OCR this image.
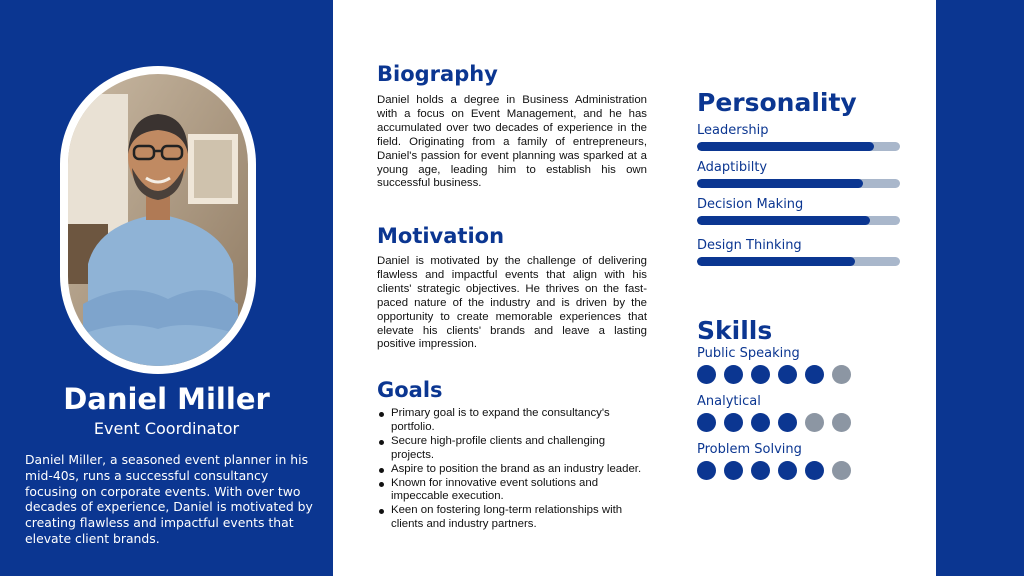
Daniel Miller
Event Coordinator
Daniel Miller, a seasoned event planner in his mid-40s, runs a successful consultancy focusing on corporate events. With over two decades of experience, Daniel is motivated by creating flawless and impactful events that elevate client brands.
Biography
Daniel holds a degree in Business Administration with a focus on Event Management, and he has accumulated over two decades of experience in the field. Originating from a family of entrepreneurs, Daniel's passion for event planning was sparked at a young age, leading him to establish his own successful business.
Motivation
Daniel is motivated by the challenge of delivering flawless and impactful events that align with his clients' strategic objectives. He thrives on the fast-paced nature of the industry and is driven by the opportunity to create memorable experiences that elevate his clients' brands and leave a lasting positive impression.
Goals
Primary goal is to expand the consultancy's portfolio.
Secure high-profile clients and challenging projects.
Aspire to position the brand as an industry leader.
Known for innovative event solutions and impeccable execution.
Keen on fostering long-term relationships with clients and industry partners.
Personality
Leadership
Adaptibilty
Decision Making
Design Thinking
Skills
Public Speaking
Analytical
Problem Solving
